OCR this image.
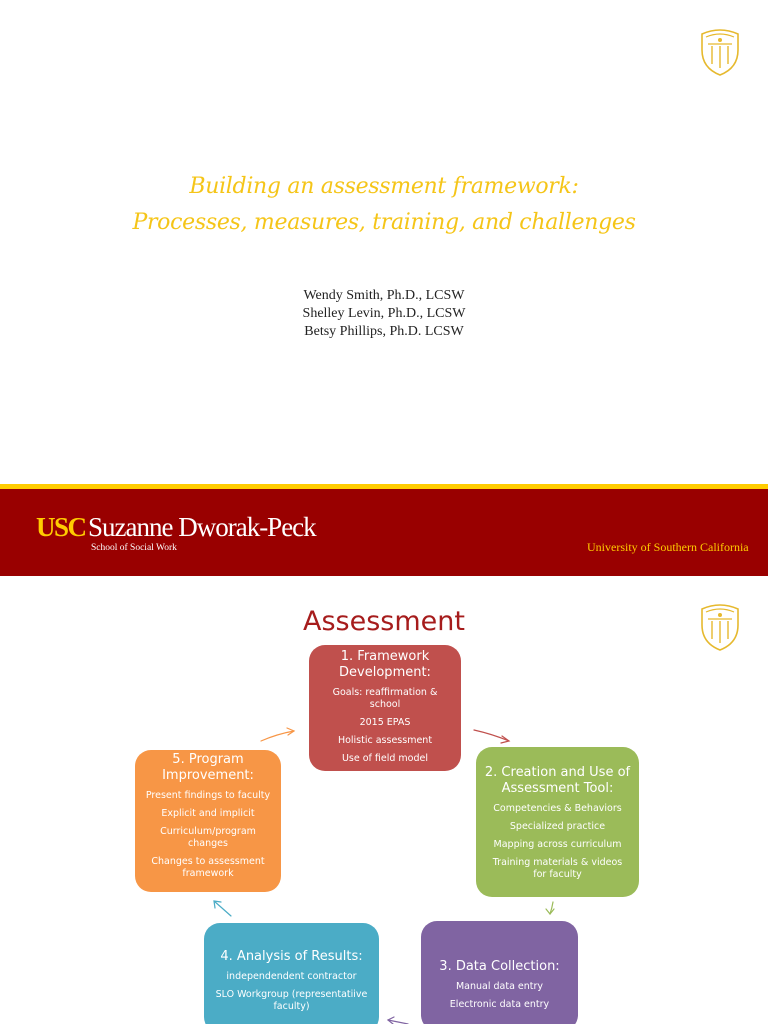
Building an assessment framework:
Processes, measures, training, and challenges
Wendy Smith, Ph.D., LCSW
Shelley Levin, Ph.D., LCSW
Betsy Phillips, Ph.D. LCSW
USC Suzanne Dworak-Peck
School of Social Work	University of Southern California
Assessment
1. Framework Development:
Goals: reaffirmation & school
2015 EPAS
Holistic assessment
Use of field model
2. Creation and Use of Assessment Tool:
Competencies & Behaviors
Specialized practice
Mapping across curriculum
Training materials & videos for faculty
3. Data Collection:
Manual data entry
Electronic data entry
4. Analysis of Results:
independendent contractor
SLO Workgroup (representatiive faculty)
5. Program Improvement:
Present findings to faculty
Explicit and implicit
Curriculum/program changes
Changes to assessment framework
